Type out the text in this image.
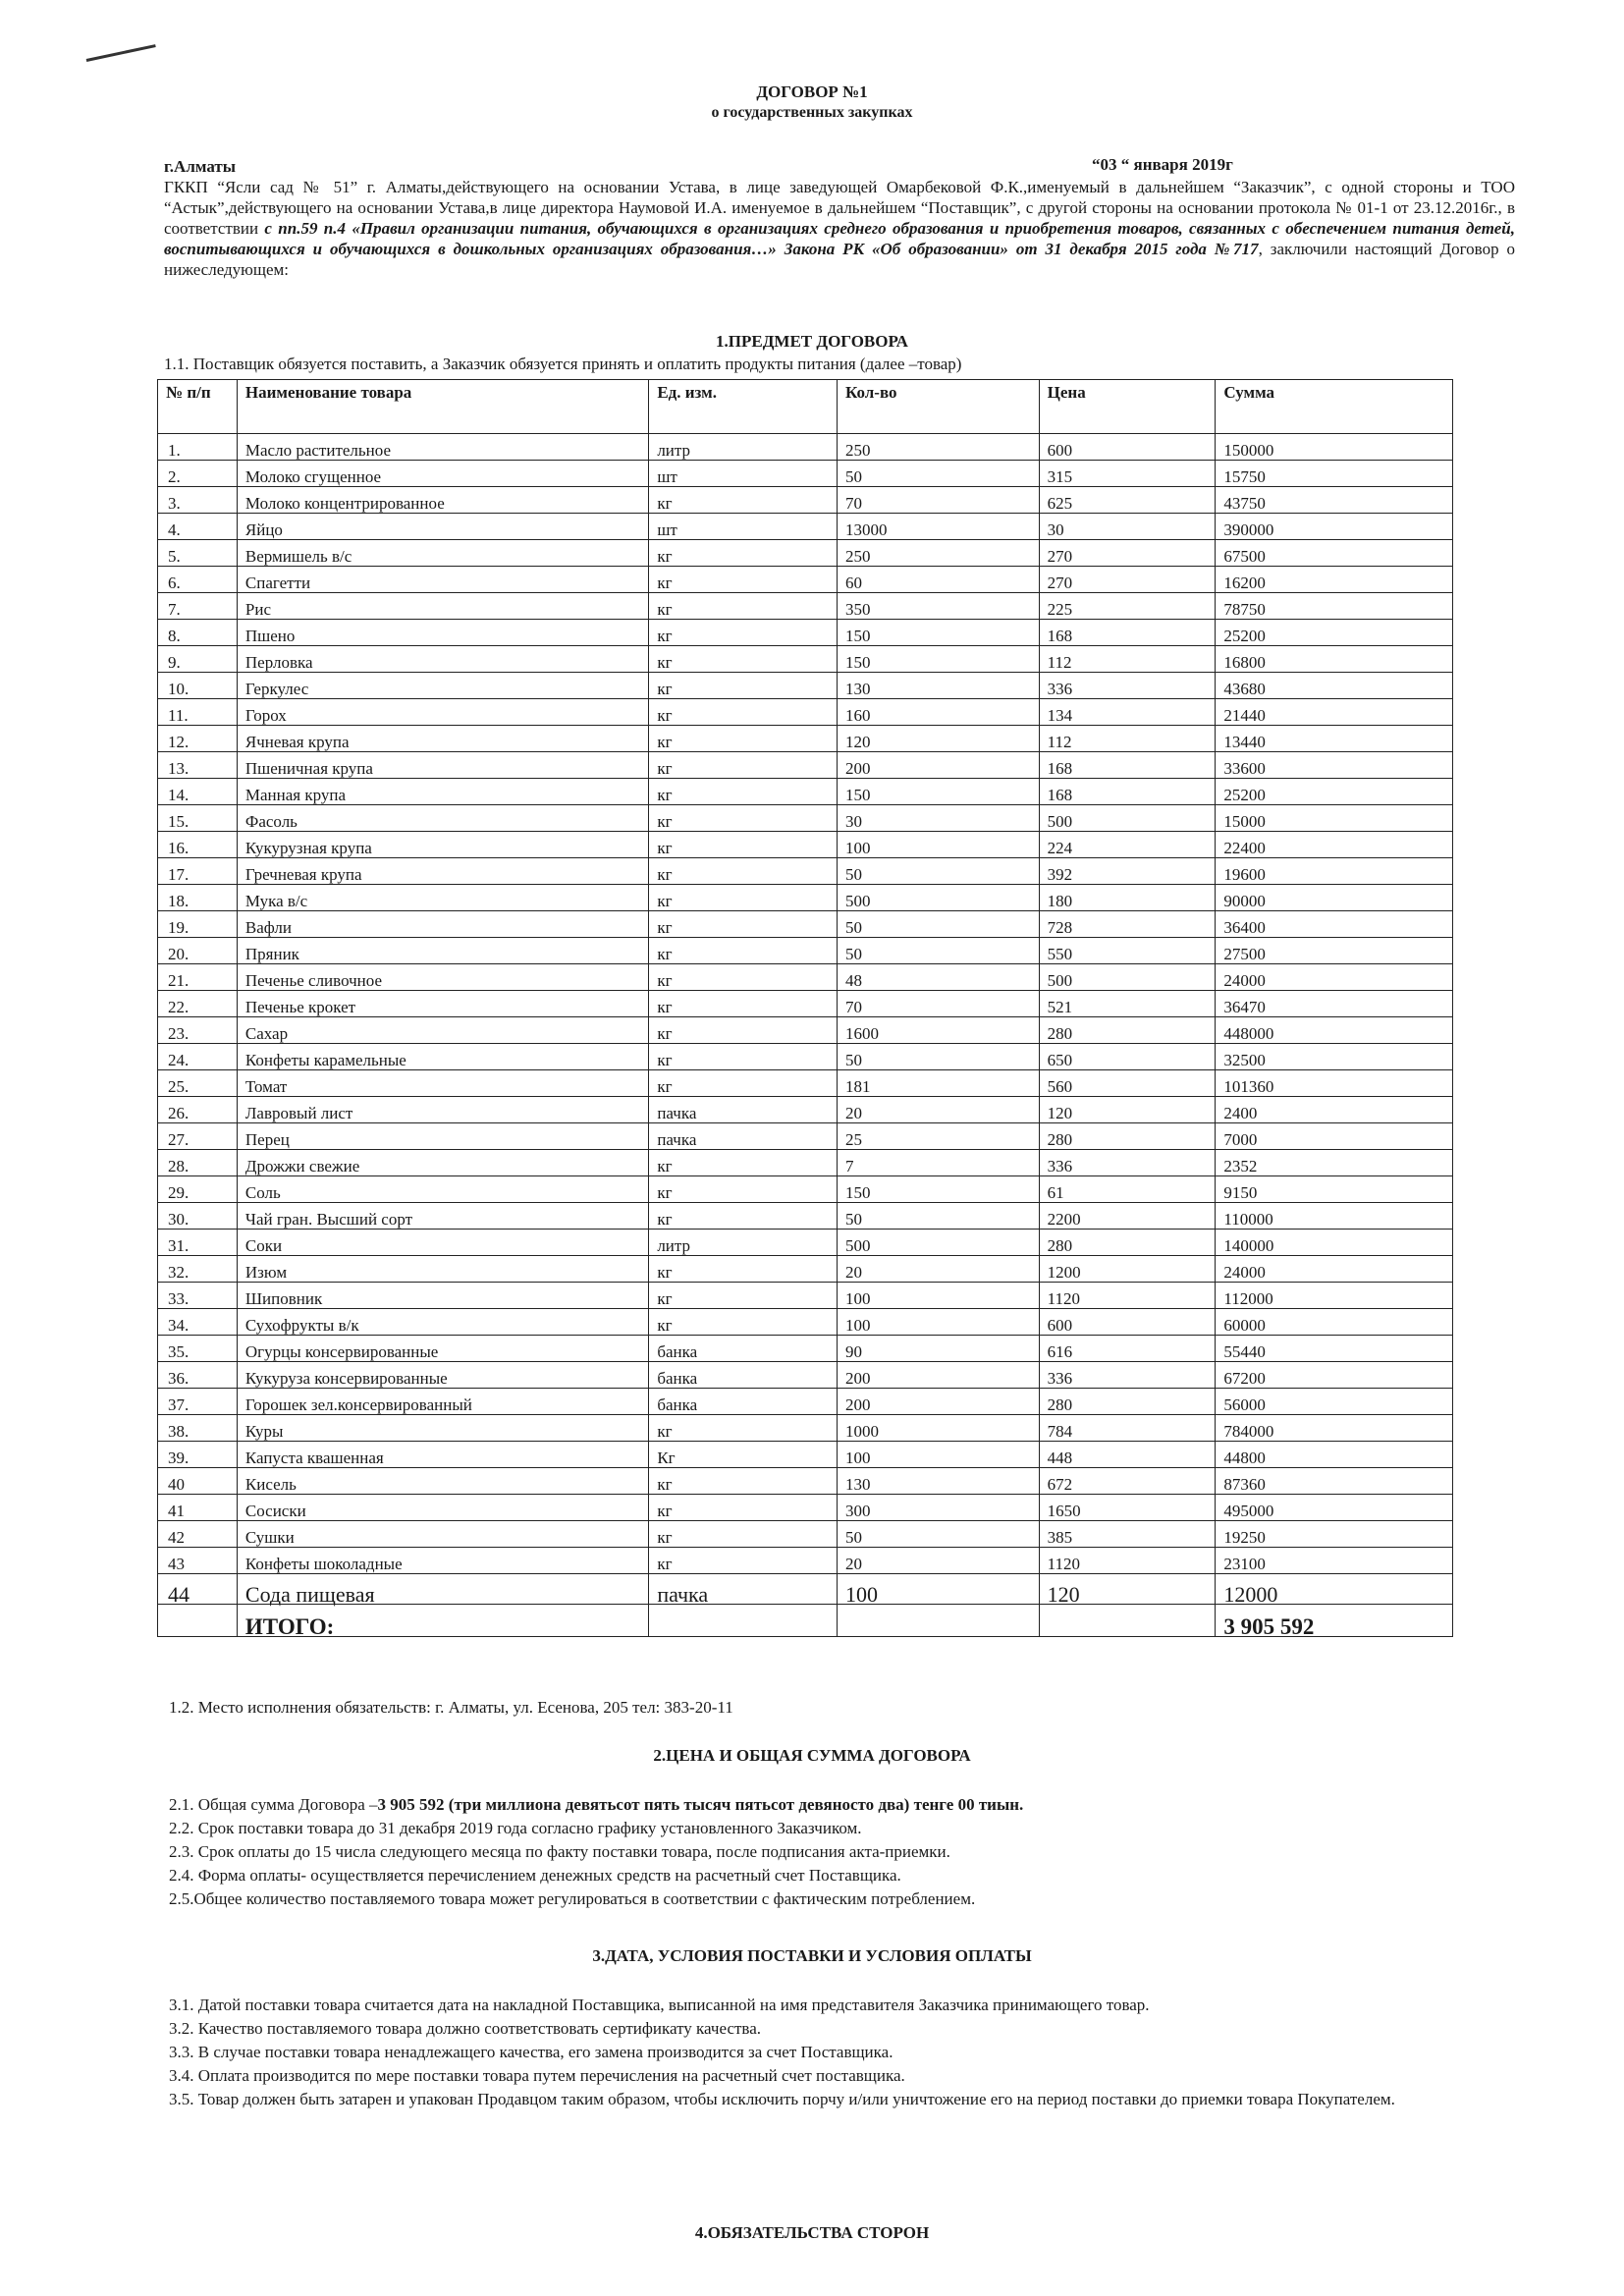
ДОГОВОР №1
о государственных закупках
г.Алматы	“03 “ января 2019г
ГККП “Ясли сад № 51” г. Алматы,действующего на основании Устава, в лице заведующей Омарбековой Ф.К.,именуемый в дальнейшем “Заказчик”, с одной стороны и ТОО “Астык”,действующего на основании Устава,в лице директора Наумовой И.А. именуемое в дальнейшем “Поставщик”, с другой стороны на основании протокола № 01-1 от 23.12.2016г., в соответствии с пп.59 п.4 «Правил организации питания, обучающихся в организациях среднего образования и приобретения товаров, связанных с обеспечением питания детей, воспитывающихся и обучающихся в дошкольных организациях образования…» Закона РК «Об образовании» от 31 декабря 2015 года №717, заключили настоящий Договор о нижеследующем:
1.ПРЕДМЕТ ДОГОВОРА
1.1. Поставщик обязуется поставить, а Заказчик обязуется принять и оплатить продукты питания (далее –товар)
№ п/п	Наименование товара	Ед. изм.	Кол-во	Цена	Сумма
1.	Масло растительное	литр	250	600	150000
2.	Молоко сгущенное	шт	50	315	15750
3.	Молоко концентрированное	кг	70	625	43750
4.	Яйцо	шт	13000	30	390000
5.	Вермишель в/с	кг	250	270	67500
6.	Спагетти	кг	60	270	16200
7.	Рис	кг	350	225	78750
8.	Пшено	кг	150	168	25200
9.	Перловка	кг	150	112	16800
10.	Геркулес	кг	130	336	43680
11.	Горох	кг	160	134	21440
12.	Ячневая крупа	кг	120	112	13440
13.	Пшеничная крупа	кг	200	168	33600
14.	Манная крупа	кг	150	168	25200
15.	Фасоль	кг	30	500	15000
16.	Кукурузная крупа	кг	100	224	22400
17.	Гречневая крупа	кг	50	392	19600
18.	Мука в/с	кг	500	180	90000
19.	Вафли	кг	50	728	36400
20.	Пряник	кг	50	550	27500
21.	Печенье сливочное	кг	48	500	24000
22.	Печенье крокет	кг	70	521	36470
23.	Сахар	кг	1600	280	448000
24.	Конфеты карамельные	кг	50	650	32500
25.	Томат	кг	181	560	101360
26.	Лавровый лист	пачка	20	120	2400
27.	Перец	пачка	25	280	7000
28.	Дрожжи свежие	кг	7	336	2352
29.	Соль	кг	150	61	9150
30.	Чай гран. Высший сорт	кг	50	2200	110000
31.	Соки	литр	500	280	140000
32.	Изюм	кг	20	1200	24000
33.	Шиповник	кг	100	1120	112000
34.	Сухофрукты в/к	кг	100	600	60000
35.	Огурцы консервированные	банка	90	616	55440
36.	Кукуруза консервированные	банка	200	336	67200
37.	Горошек зел.консервированный	банка	200	280	56000
38.	Куры	кг	1000	784	784000
39.	Капуста квашенная	Кг	100	448	44800
40	Кисель	кг	130	672	87360
41	Сосиски	кг	300	1650	495000
42	Сушки	кг	50	385	19250
43	Конфеты шоколадные	кг	20	1120	23100
44	Сода пищевая	пачка	100	120	12000
	ИТОГО:				3 905 592
1.2. Место исполнения обязательств: г. Алматы, ул. Есенова, 205 тел: 383-20-11
2.ЦЕНА И ОБЩАЯ СУММА ДОГОВОРА
2.1. Общая сумма Договора –3 905 592 (три миллиона девятьсот пять тысяч пятьсот девяносто два) тенге 00 тиын.
2.2. Срок поставки товара до 31 декабря 2019 года согласно графику установленного Заказчиком.
2.3. Срок оплаты до 15 числа следующего месяца по факту поставки товара, после подписания акта-приемки.
2.4. Форма оплаты- осуществляется перечислением денежных средств на расчетный счет Поставщика.
2.5.Общее количество поставляемого товара может регулироваться в соответствии с фактическим потреблением.
3.ДАТА, УСЛОВИЯ ПОСТАВКИ И УСЛОВИЯ ОПЛАТЫ
3.1. Датой поставки товара считается дата на накладной Поставщика, выписанной на имя представителя Заказчика принимающего товар.
3.2. Качество поставляемого товара должно соответствовать сертификату качества.
3.3. В случае поставки товара ненадлежащего качества, его замена производится за счет Поставщика.
3.4. Оплата производится по мере поставки товара путем перечисления на расчетный счет поставщика.
3.5. Товар должен быть затарен и упакован Продавцом таким образом, чтобы исключить порчу и/или уничтожение его на период поставки до приемки товара Покупателем.
4.ОБЯЗАТЕЛЬСТВА СТОРОН
